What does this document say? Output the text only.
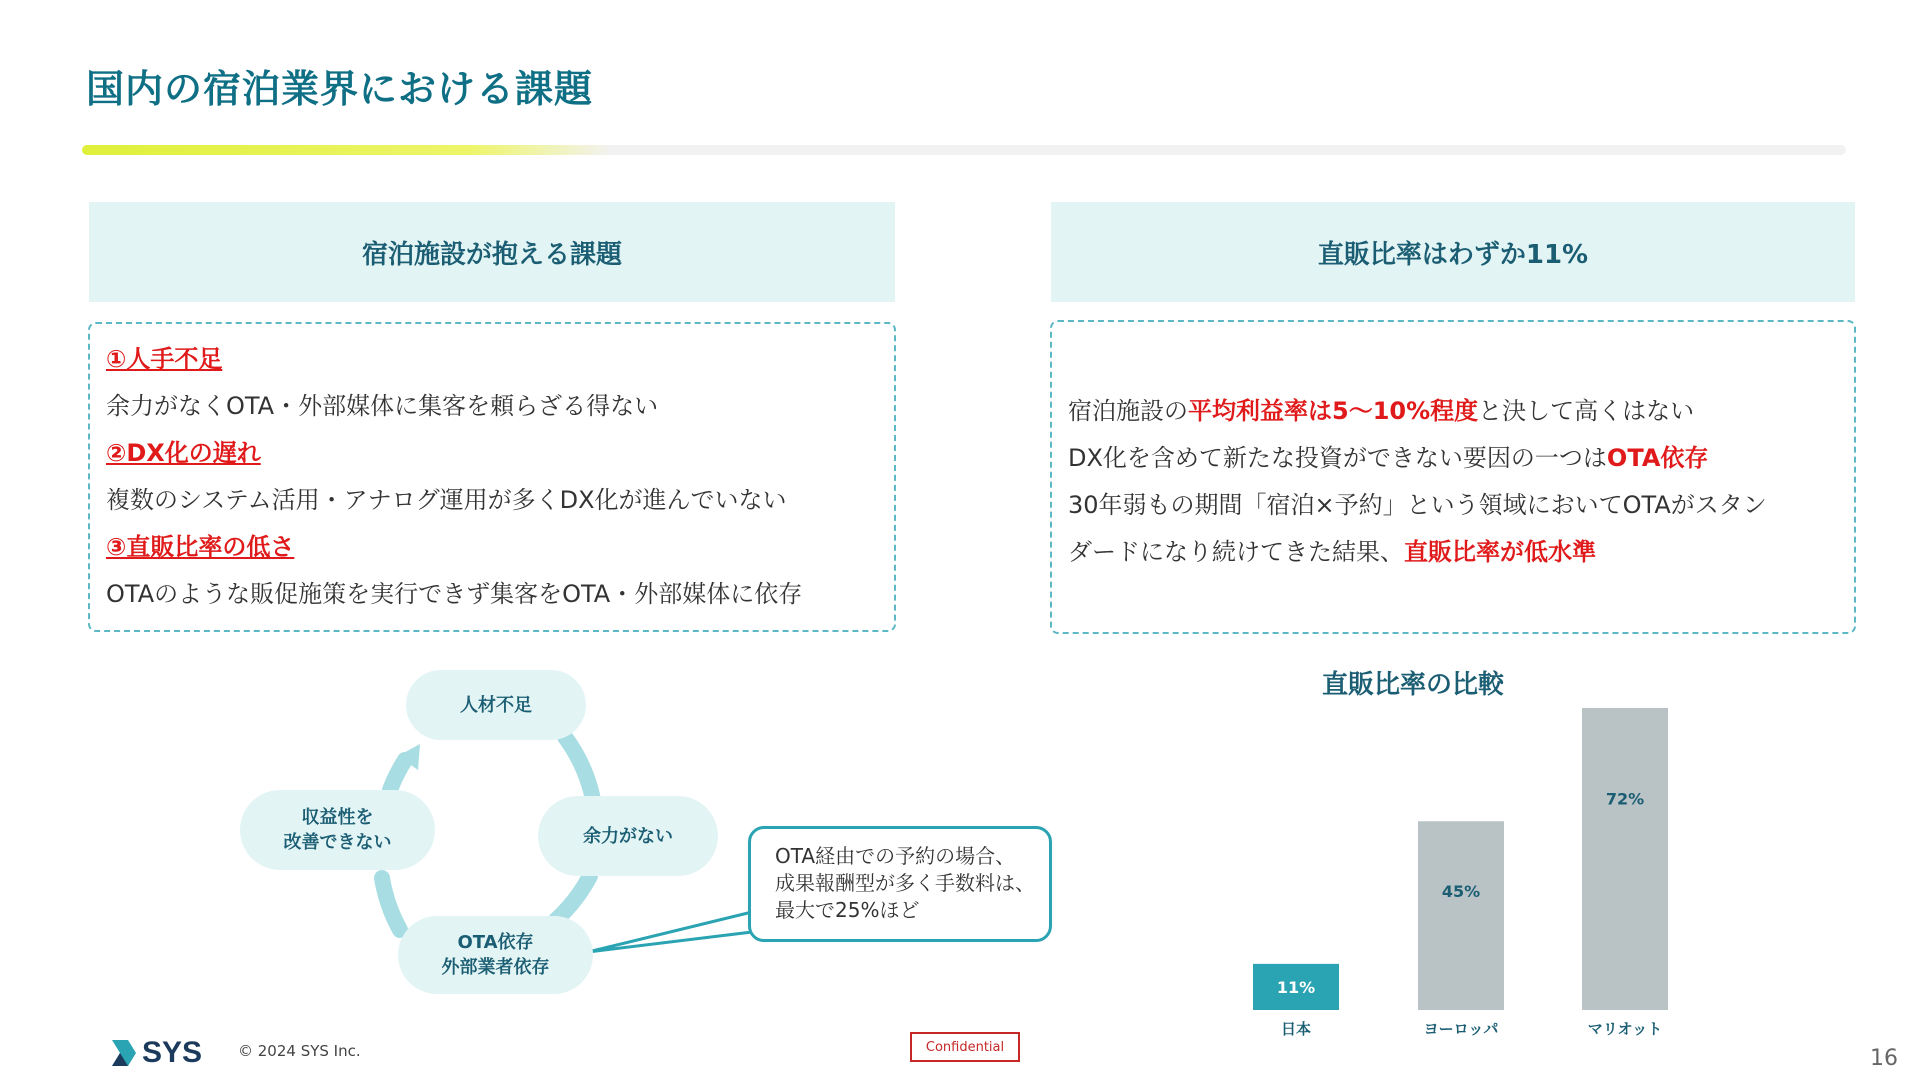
国内の宿泊業界における課題
宿泊施設が抱える課題
①人手不足
余力がなくOTA・外部媒体に集客を頼らざる得ない
②DX化の遅れ
複数のシステム活用・アナログ運用が多くDX化が進んでいない
③直販比率の低さ
OTAのような販促施策を実行できず集客をOTA・外部媒体に依存
直販比率はわずか11%
宿泊施設の平均利益率は5～10%程度と決して高くはない
DX化を含めて新たな投資ができない要因の一つはOTA依存
30年弱もの期間「宿泊×予約」という領域においてOTAがスタン
ダードになり続けてきた結果、直販比率が低水準
人材不足
余力がない
OTA依存
外部業者依存
収益性を
改善できない
OTA経由での予約の場合、
成果報酬型が多く手数料は、
最大で25%ほど
直販比率の比較
11%
日本
45%
ヨーロッパ
72%
マリオット
SYS © 2024 SYS Inc.	Confidential	16
